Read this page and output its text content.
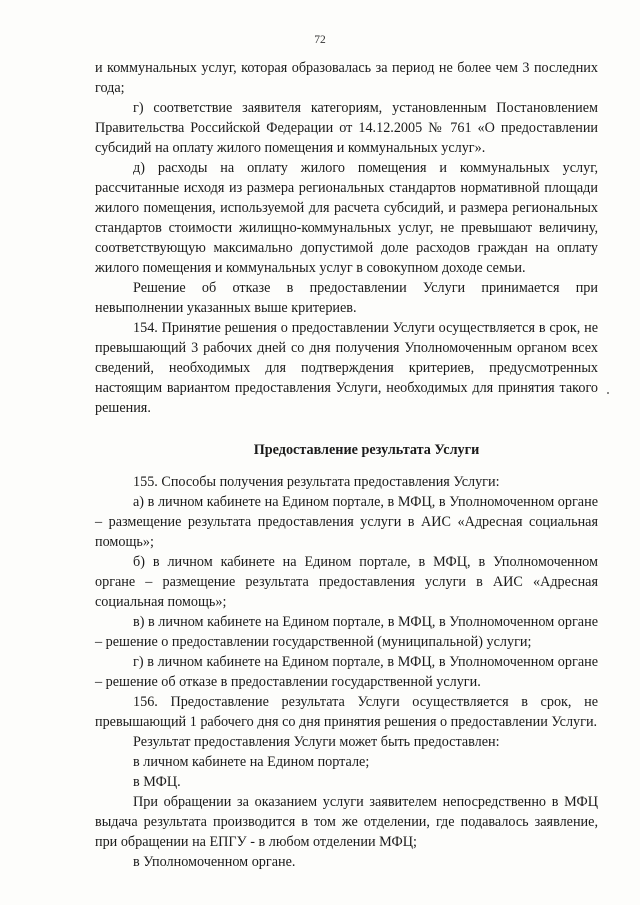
72

и коммунальных услуг, которая образовалась за период не более чем 3 последних года;

г) соответствие заявителя категориям, установленным Постановлением Правительства Российской Федерации от 14.12.2005 № 761 «О предоставлении субсидий на оплату жилого помещения и коммунальных услуг».

д) расходы на оплату жилого помещения и коммунальных услуг, рассчитанные исходя из размера региональных стандартов нормативной площади жилого помещения, используемой для расчета субсидий, и размера региональных стандартов стоимости жилищно-коммунальных услуг, не превышают величину, соответствующую максимально допустимой доле расходов граждан на оплату жилого помещения и коммунальных услуг в совокупном доходе семьи.

Решение об отказе в предоставлении Услуги принимается при невыполнении указанных выше критериев.

154. Принятие решения о предоставлении Услуги осуществляется в срок, не превышающий 3 рабочих дней со дня получения Уполномоченным органом всех сведений, необходимых для подтверждения критериев, предусмотренных настоящим вариантом предоставления Услуги, необходимых для принятия такого решения.

Предоставление результата Услуги

155. Способы получения результата предоставления Услуги:

а) в личном кабинете на Едином портале, в МФЦ, в Уполномоченном органе – размещение результата предоставления услуги в АИС «Адресная социальная помощь»;

б) в личном кабинете на Едином портале, в МФЦ, в Уполномоченном органе – размещение результата предоставления услуги в АИС «Адресная социальная помощь»;

в) в личном кабинете на Едином портале, в МФЦ, в Уполномоченном органе – решение о предоставлении государственной (муниципальной) услуги;

г) в личном кабинете на Едином портале, в МФЦ, в Уполномоченном органе – решение об отказе в предоставлении государственной услуги.

156. Предоставление результата Услуги осуществляется в срок, не превышающий 1 рабочего дня со дня принятия решения о предоставлении Услуги.

Результат предоставления Услуги может быть предоставлен:

в личном кабинете на Едином портале;

в МФЦ.

При обращении за оказанием услуги заявителем непосредственно в МФЦ выдача результата производится в том же отделении, где подавалось заявление, при обращении на ЕПГУ - в любом отделении МФЦ;

в Уполномоченном органе.
